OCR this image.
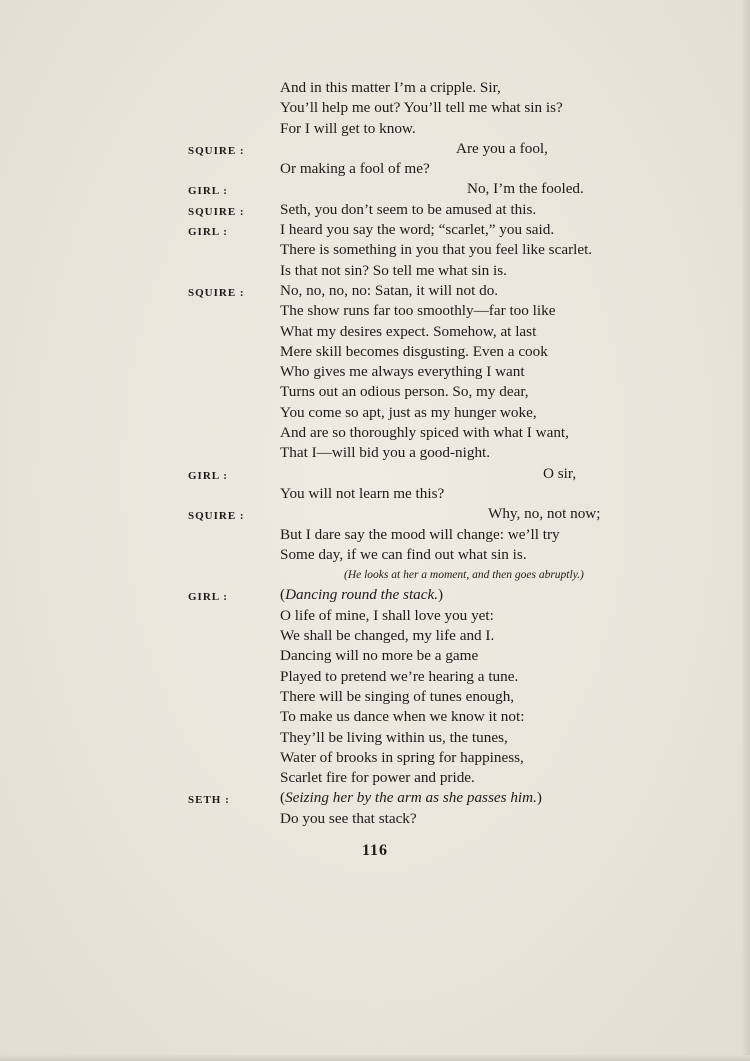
And in this matter I’m a cripple. Sir,
You’ll help me out? You’ll tell me what sin is?
For I will get to know.
SQUIRE :	Are you a fool,
Or making a fool of me?
GIRL :	No, I’m the fooled.
SQUIRE : Seth, you don’t seem to be amused at this.
GIRL :	I heard you say the word; “scarlet,” you said.
There is something in you that you feel like scarlet.
Is that not sin? So tell me what sin is.
SQUIRE : No, no, no, no: Satan, it will not do.
The show runs far too smoothly—far too like
What my desires expect. Somehow, at last
Mere skill becomes disgusting. Even a cook
Who gives me always everything I want
Turns out an odious person. So, my dear,
You come so apt, just as my hunger woke,
And are so thoroughly spiced with what I want,
That I—will bid you a good-night.
GIRL :	O sir,
You will not learn me this?
SQUIRE :	Why, no, not now;
But I dare say the mood will change: we’ll try
Some day, if we can find out what sin is.
(He looks at her a moment, and then goes abruptly.)
GIRL :	(Dancing round the stack.)
O life of mine, I shall love you yet:
We shall be changed, my life and I.
Dancing will no more be a game
Played to pretend we’re hearing a tune.
There will be singing of tunes enough,
To make us dance when we know it not:
They’ll be living within us, the tunes,
Water of brooks in spring for happiness,
Scarlet fire for power and pride.
SETH :	(Seizing her by the arm as she passes him.)
Do you see that stack?
116
